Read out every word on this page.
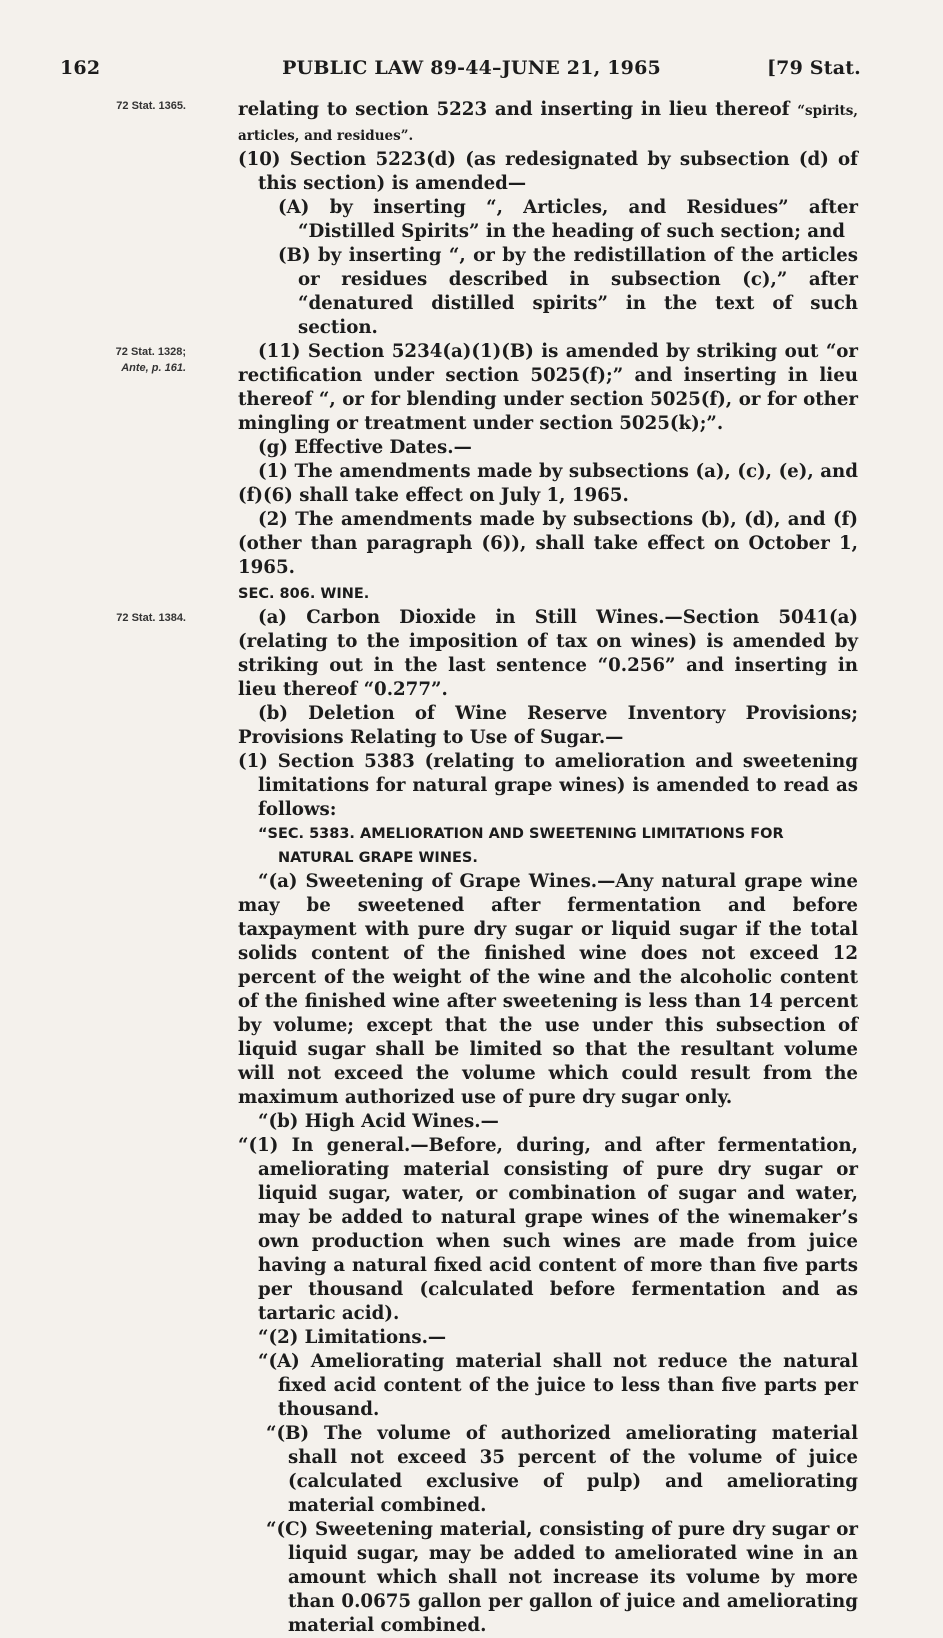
162	PUBLIC LAW 89-44–JUNE 21, 1965	[79 Stat.
72 Stat. 1365.
72 Stat. 1328;
Ante, p. 161.
72 Stat. 1384.

relating to section 5223 and inserting in lieu thereof “spirits, articles, and residues”.

(10) Section 5223(d) (as redesignated by subsection (d) of this section) is amended—

(A) by inserting “, Articles, and Residues” after “Distilled Spirits” in the heading of such section; and

(B) by inserting “, or by the redistillation of the articles or residues described in subsection (c),” after “denatured distilled spirits” in the text of such section.

(11) Section 5234(a)(1)(B) is amended by striking out “or rectification under section 5025(f);” and inserting in lieu thereof “, or for blending under section 5025(f), or for other mingling or treatment under section 5025(k);”.

(g) Effective Dates.—

(1) The amendments made by subsections (a), (c), (e), and (f)(6) shall take effect on July 1, 1965.

(2) The amendments made by subsections (b), (d), and (f) (other than paragraph (6)), shall take effect on October 1, 1965.

SEC. 806. WINE.

(a) Carbon Dioxide in Still Wines.—Section 5041(a) (relating to the imposition of tax on wines) is amended by striking out in the last sentence “0.256” and inserting in lieu thereof “0.277”.

(b) Deletion of Wine Reserve Inventory Provisions; Provisions Relating to Use of Sugar.—

(1) Section 5383 (relating to amelioration and sweetening limitations for natural grape wines) is amended to read as follows:

“SEC. 5383. AMELIORATION AND SWEETENING LIMITATIONS FOR NATURAL GRAPE WINES.

“(a) Sweetening of Grape Wines.—Any natural grape wine may be sweetened after fermentation and before taxpayment with pure dry sugar or liquid sugar if the total solids content of the finished wine does not exceed 12 percent of the weight of the wine and the alcoholic content of the finished wine after sweetening is less than 14 percent by volume; except that the use under this subsection of liquid sugar shall be limited so that the resultant volume will not exceed the volume which could result from the maximum authorized use of pure dry sugar only.

“(b) High Acid Wines.—

“(1) In general.—Before, during, and after fermentation, ameliorating material consisting of pure dry sugar or liquid sugar, water, or combination of sugar and water, may be added to natural grape wines of the winemaker’s own production when such wines are made from juice having a natural fixed acid content of more than five parts per thousand (calculated before fermentation and as tartaric acid).

“(2) Limitations.—

“(A) Ameliorating material shall not reduce the natural fixed acid content of the juice to less than five parts per thousand.

“(B) The volume of authorized ameliorating material shall not exceed 35 percent of the volume of juice (calculated exclusive of pulp) and ameliorating material combined.

“(C) Sweetening material, consisting of pure dry sugar or liquid sugar, may be added to ameliorated wine in an amount which shall not increase its volume by more than 0.0675 gallon per gallon of juice and ameliorating material combined.
